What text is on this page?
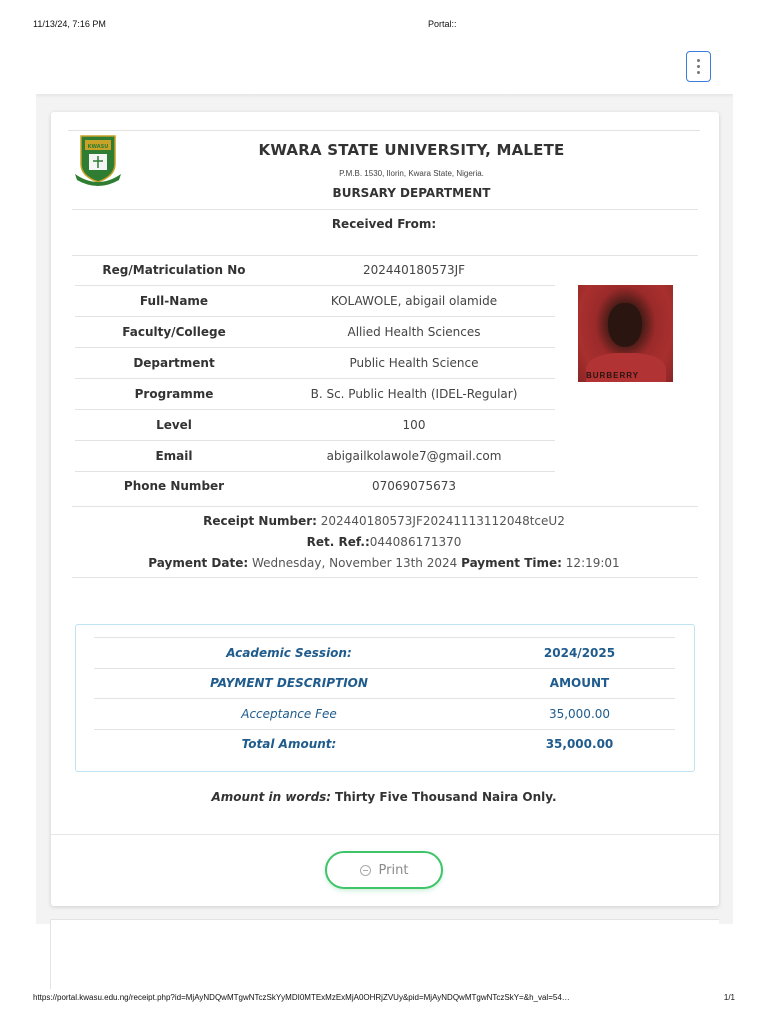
11/13/24, 7:16 PM	Portal::
KWASU	KWARA STATE UNIVERSITY, MALETE
P.M.B. 1530, Ilorin, Kwara State, Nigeria.
BURSARY DEPARTMENT
Received From:
Reg/Matriculation No	202440180573JF
Full-Name	KOLAWOLE, abigail olamide
Faculty/College	Allied Health Sciences
Department	Public Health Science
Programme	B. Sc. Public Health (IDEL-Regular)
Level	100
Email	abigailkolawole7@gmail.com
Phone Number	07069075673
BURBERRY
Receipt Number: 202440180573JF20241113112048tceU2
Ret. Ref.:044086171370
Payment Date: Wednesday, November 13th 2024 Payment Time: 12:19:01
Academic Session:	2024/2025
PAYMENT DESCRIPTION	AMOUNT
Acceptance Fee	35,000.00
Total Amount:	35,000.00
Amount in words: Thirty Five Thousand Naira Only.
Print
https://portal.kwasu.edu.ng/receipt.php?id=MjAyNDQwMTgwNTczSkYyMDI0MTExMzExMjA0OHRjZVUy&pid=MjAyNDQwMTgwNTczSkY=&h_val=54…	1/1
